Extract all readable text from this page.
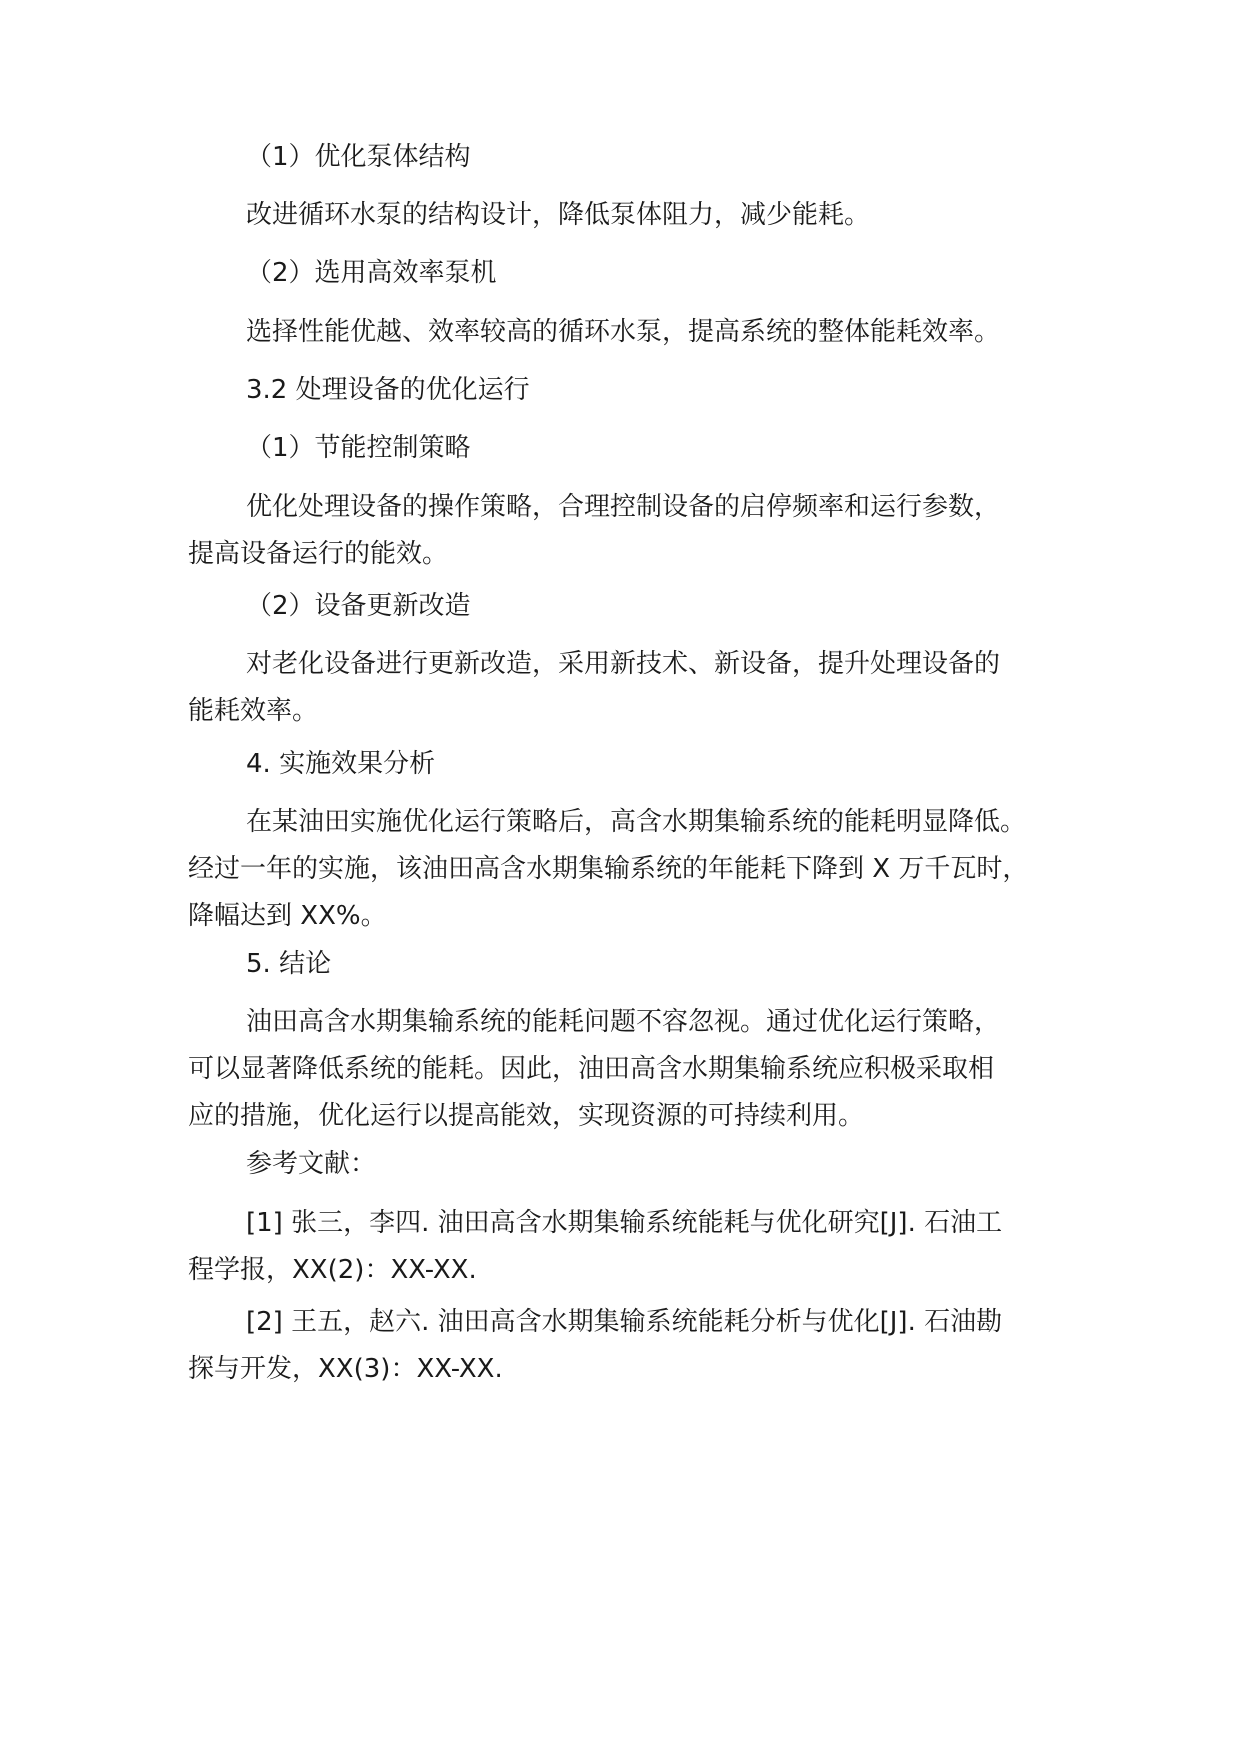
（1）优化泵体结构
改进循环水泵的结构设计，降低泵体阻力，减少能耗。
（2）选用高效率泵机
选择性能优越、效率较高的循环水泵，提高系统的整体能耗效率。
3.2 处理设备的优化运行
（1）节能控制策略
优化处理设备的操作策略，合理控制设备的启停频率和运行参数，
提高设备运行的能效。
（2）设备更新改造
对老化设备进行更新改造，采用新技术、新设备，提升处理设备的
能耗效率。
4. 实施效果分析
在某油田实施优化运行策略后，高含水期集输系统的能耗明显降低。
经过一年的实施，该油田高含水期集输系统的年能耗下降到 X 万千瓦时，
降幅达到 XX%。
5. 结论
油田高含水期集输系统的能耗问题不容忽视。通过优化运行策略，
可以显著降低系统的能耗。因此，油田高含水期集输系统应积极采取相
应的措施，优化运行以提高能效，实现资源的可持续利用。
参考文献：
[1] 张三，李四. 油田高含水期集输系统能耗与优化研究[J]. 石油工
程学报，XX(2)：XX-XX.
[2] 王五，赵六. 油田高含水期集输系统能耗分析与优化[J]. 石油勘
探与开发，XX(3)：XX-XX.
